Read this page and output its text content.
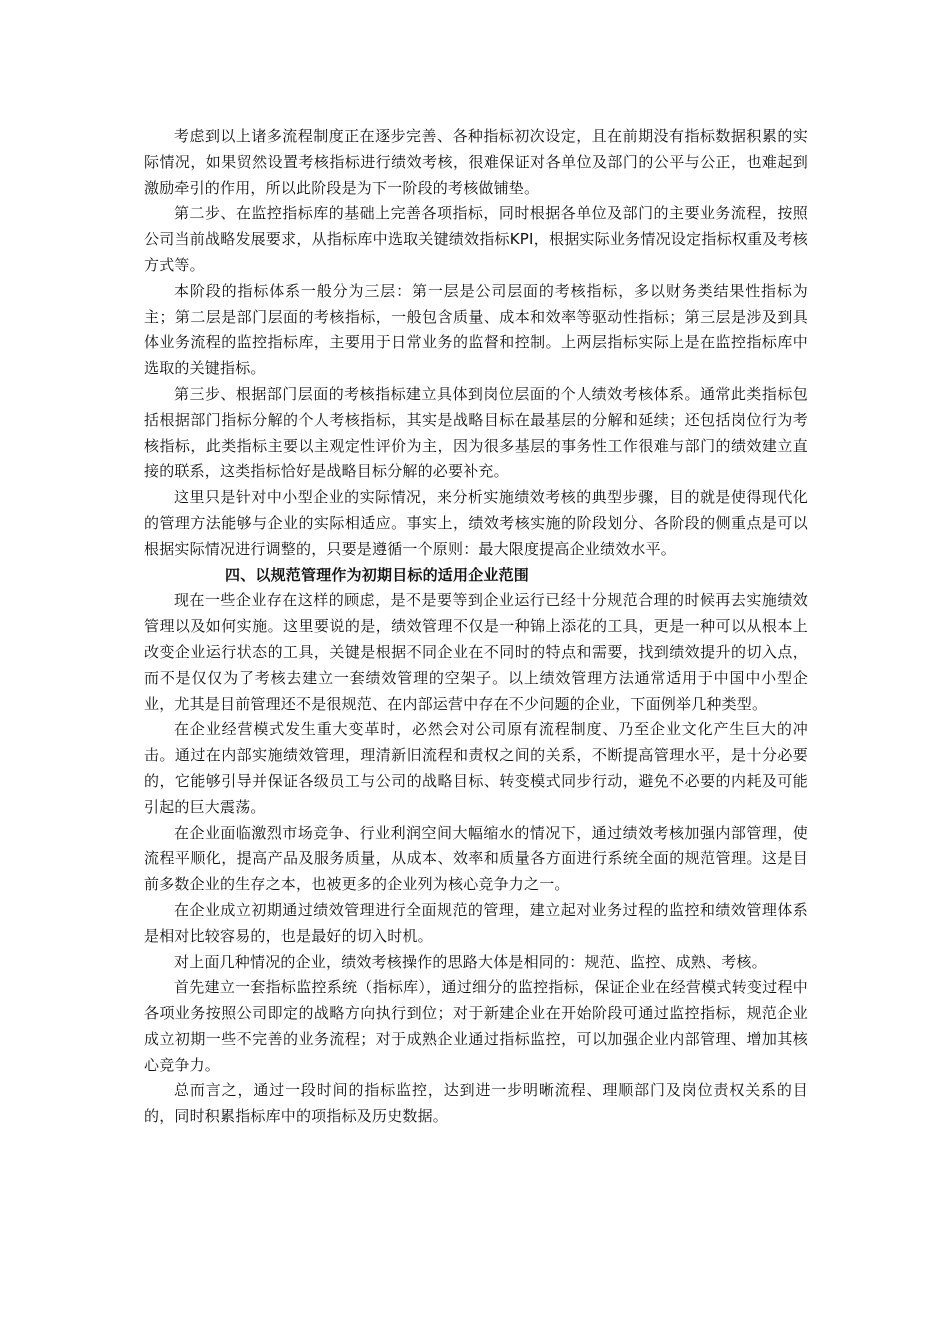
考虑到以上诸多流程制度正在逐步完善、各种指标初次设定，且在前期没有指标数据积累的实际情况，如果贸然设置考核指标进行绩效考核，很难保证对各单位及部门的公平与公正，也难起到激励牵引的作用，所以此阶段是为下一阶段的考核做铺垫。

第二步、在监控指标库的基础上完善各项指标，同时根据各单位及部门的主要业务流程，按照公司当前战略发展要求，从指标库中选取关键绩效指标KPI，根据实际业务情况设定指标权重及考核方式等。

本阶段的指标体系一般分为三层：第一层是公司层面的考核指标，多以财务类结果性指标为主；第二层是部门层面的考核指标，一般包含质量、成本和效率等驱动性指标；第三层是涉及到具体业务流程的监控指标库，主要用于日常业务的监督和控制。上两层指标实际上是在监控指标库中选取的关键指标。

第三步、根据部门层面的考核指标建立具体到岗位层面的个人绩效考核体系。通常此类指标包括根据部门指标分解的个人考核指标，其实是战略目标在最基层的分解和延续；还包括岗位行为考核指标，此类指标主要以主观定性评价为主，因为很多基层的事务性工作很难与部门的绩效建立直接的联系，这类指标恰好是战略目标分解的必要补充。

这里只是针对中小型企业的实际情况，来分析实施绩效考核的典型步骤，目的就是使得现代化的管理方法能够与企业的实际相适应。事实上，绩效考核实施的阶段划分、各阶段的侧重点是可以根据实际情况进行调整的，只要是遵循一个原则：最大限度提高企业绩效水平。

四、以规范管理作为初期目标的适用企业范围

现在一些企业存在这样的顾虑，是不是要等到企业运行已经十分规范合理的时候再去实施绩效管理以及如何实施。这里要说的是，绩效管理不仅是一种锦上添花的工具，更是一种可以从根本上改变企业运行状态的工具，关键是根据不同企业在不同时的特点和需要，找到绩效提升的切入点，而不是仅仅为了考核去建立一套绩效管理的空架子。以上绩效管理方法通常适用于中国中小型企业，尤其是目前管理还不是很规范、在内部运营中存在不少问题的企业，下面例举几种类型。

在企业经营模式发生重大变革时，必然会对公司原有流程制度、乃至企业文化产生巨大的冲击。通过在内部实施绩效管理，理清新旧流程和责权之间的关系，不断提高管理水平，是十分必要的，它能够引导并保证各级员工与公司的战略目标、转变模式同步行动，避免不必要的内耗及可能引起的巨大震荡。

在企业面临激烈市场竞争、行业利润空间大幅缩水的情况下，通过绩效考核加强内部管理，使流程平顺化，提高产品及服务质量，从成本、效率和质量各方面进行系统全面的规范管理。这是目前多数企业的生存之本，也被更多的企业列为核心竞争力之一。

在企业成立初期通过绩效管理进行全面规范的管理，建立起对业务过程的监控和绩效管理体系是相对比较容易的，也是最好的切入时机。

对上面几种情况的企业，绩效考核操作的思路大体是相同的：规范、监控、成熟、考核。

首先建立一套指标监控系统（指标库），通过细分的监控指标，保证企业在经营模式转变过程中各项业务按照公司即定的战略方向执行到位；对于新建企业在开始阶段可通过监控指标，规范企业成立初期一些不完善的业务流程；对于成熟企业通过指标监控，可以加强企业内部管理、增加其核心竞争力。

总而言之，通过一段时间的指标监控，达到进一步明晰流程、理顺部门及岗位责权关系的目的，同时积累指标库中的项指标及历史数据。
